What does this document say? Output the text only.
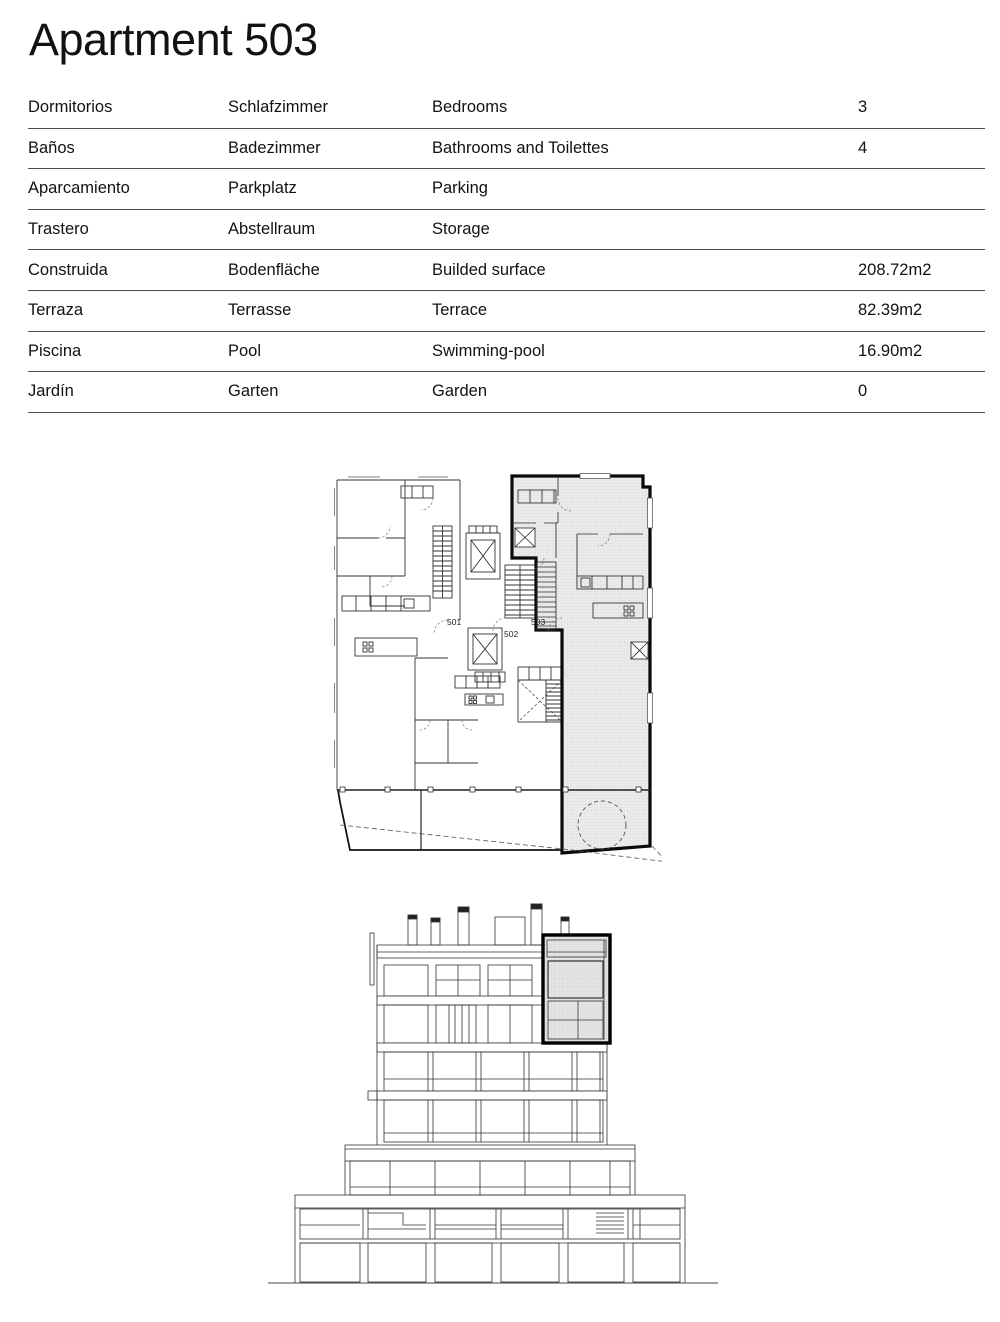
Apartment 503
Dormitorios	Schlafzimmer	Bedrooms	3
Baños	Badezimmer	Bathrooms and Toilettes	4
Aparcamiento	Parkplatz	Parking	
Trastero	Abstellraum	Storage	
Construida	Bodenfläche	Builded surface	208.72m2
Terraza	Terrasse	Terrace	82.39m2
Piscina	Pool	Swimming-pool	16.90m2
Jardín	Garten	Garden	0
501
502
503
